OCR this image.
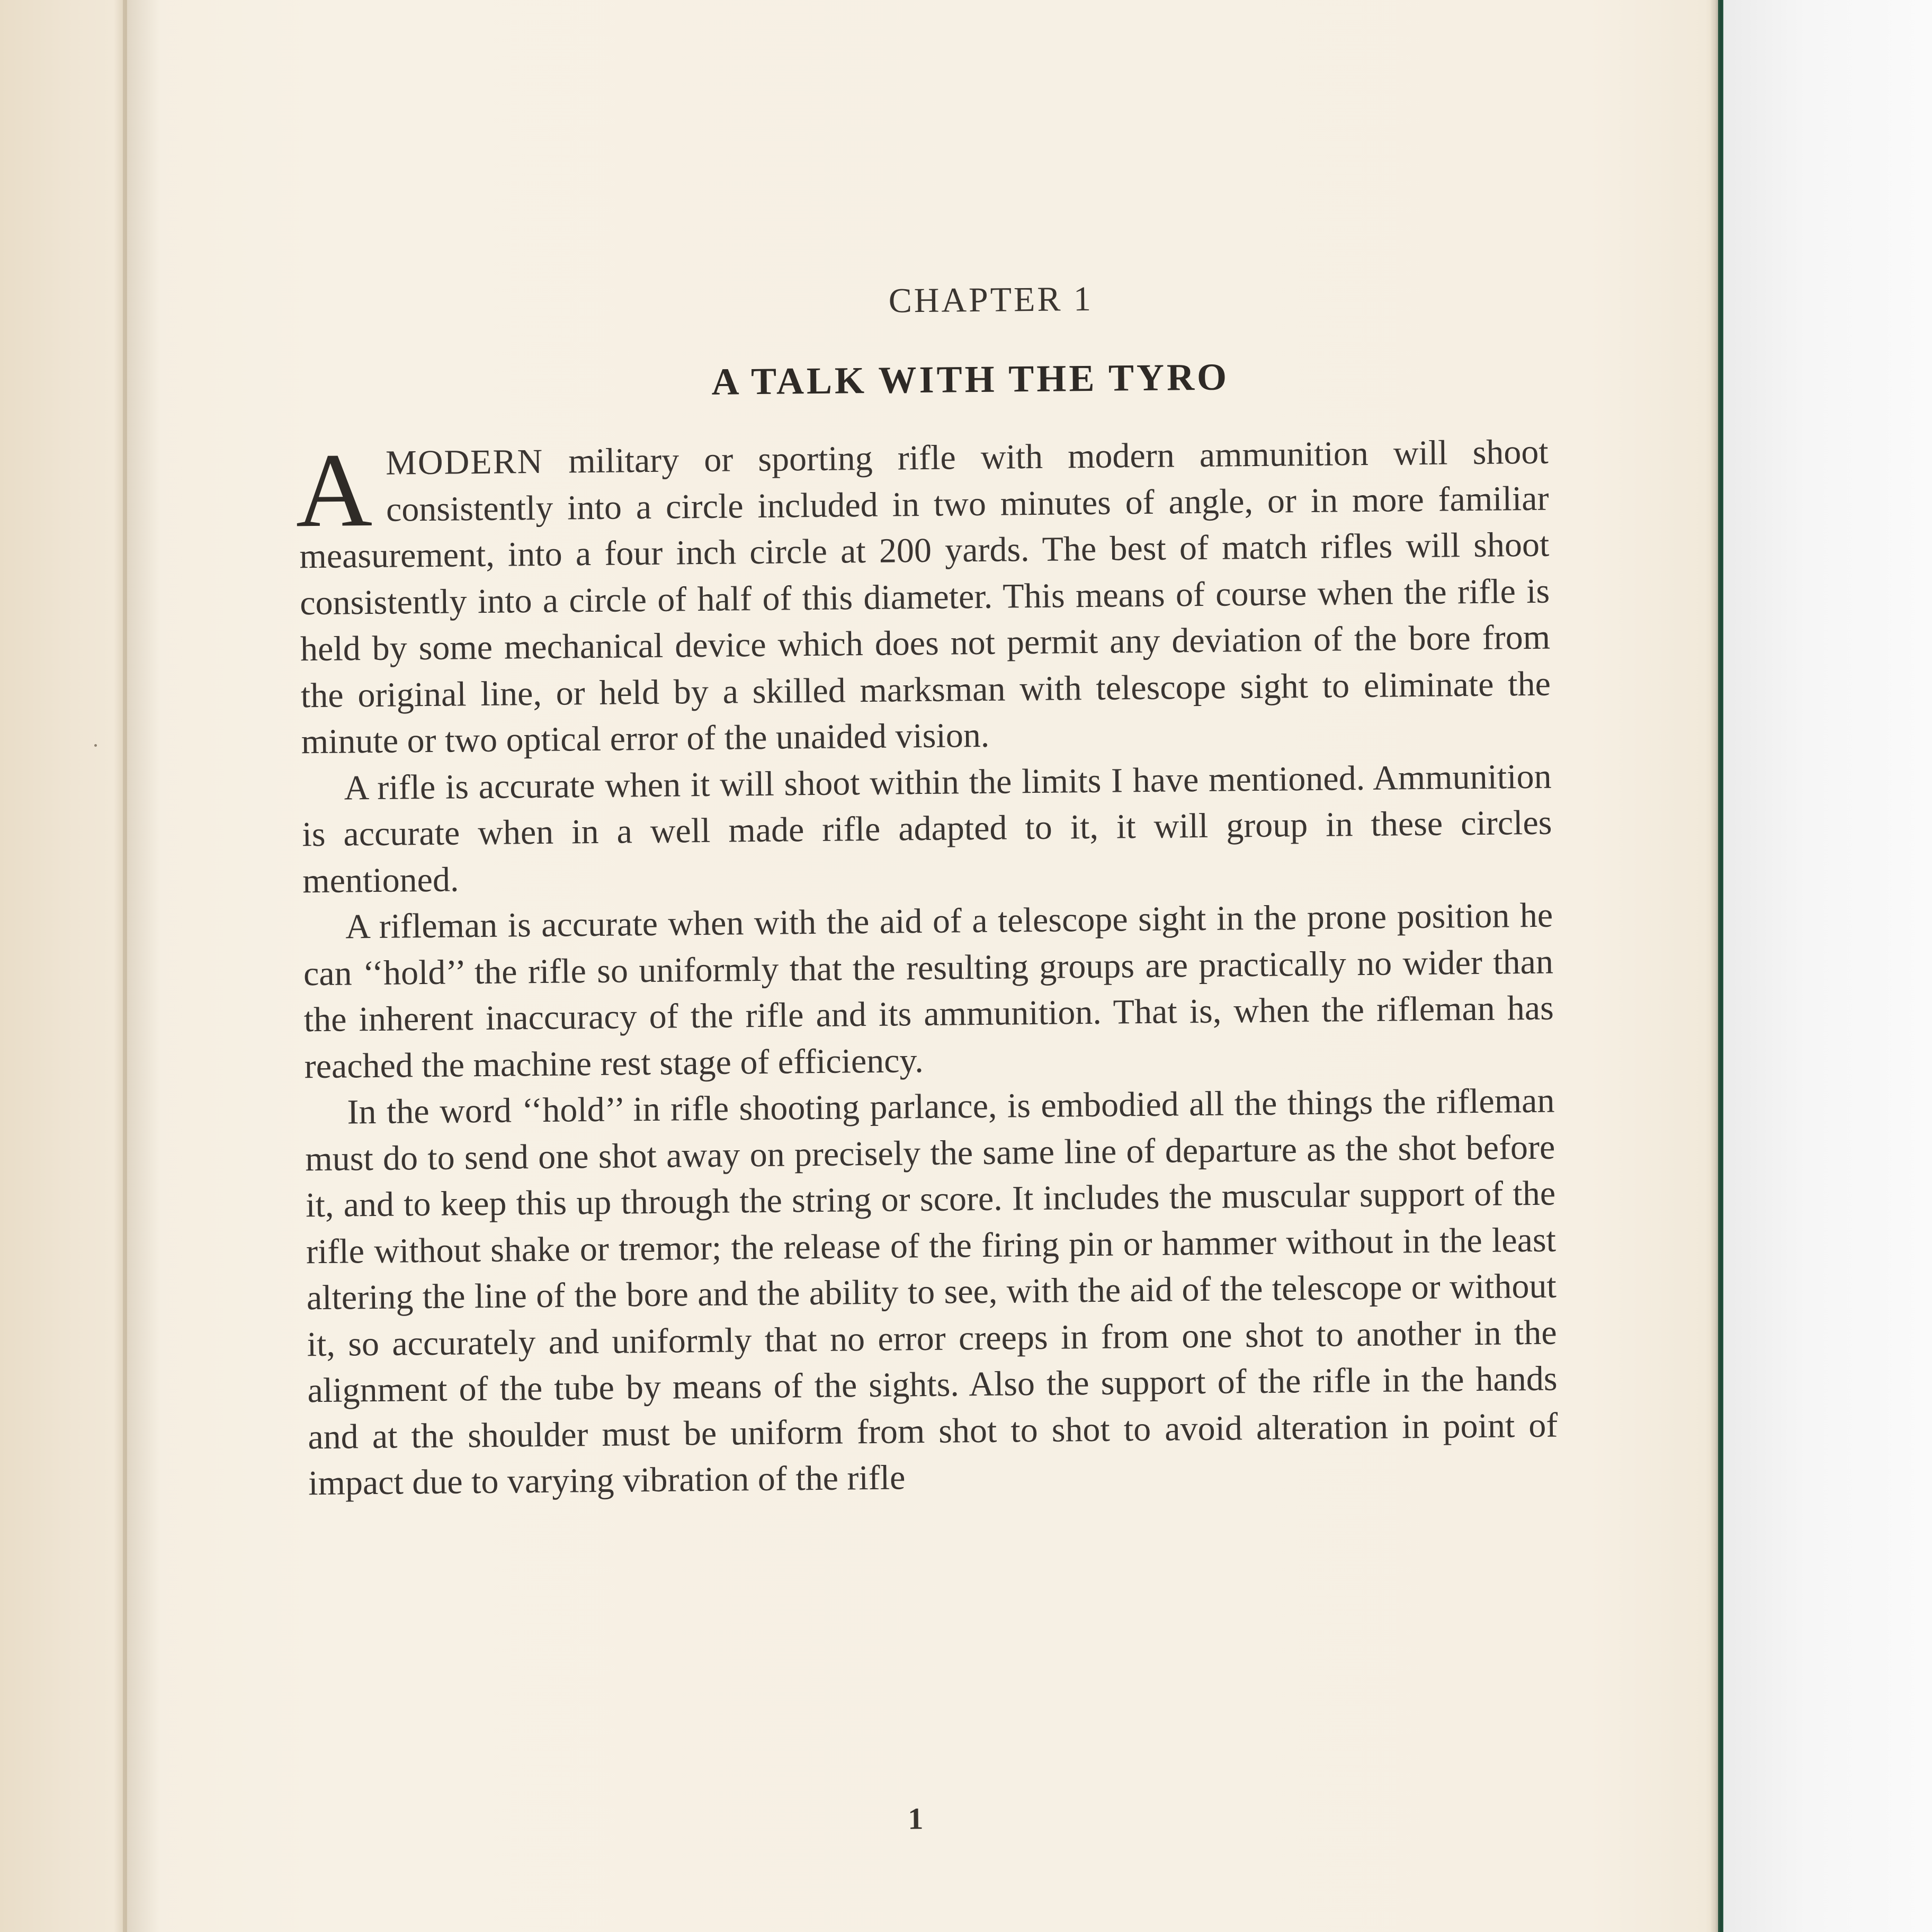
CHAPTER 1
A TALK WITH THE TYRO

AMODERN military or sporting rifle with modern ammunition will shoot consistently into a circle included in two minutes of angle, or in more familiar measurement, into a four inch circle at 200 yards. The best of match rifles will shoot consistently into a circle of half of this diameter. This means of course when the rifle is held by some mechanical device which does not permit any deviation of the bore from the original line, or held by a skilled marksman with telescope sight to eliminate the minute or two optical error of the unaided vision.

A rifle is accurate when it will shoot within the limits I have mentioned. Ammunition is accurate when in a well made rifle adapted to it, it will group in these circles mentioned.

A rifleman is accurate when with the aid of a telescope sight in the prone position he can ‘‘hold’’ the rifle so uniformly that the resulting groups are practically no wider than the inherent inaccuracy of the rifle and its ammunition. That is, when the rifleman has reached the machine rest stage of efficiency.

In the word ‘‘hold’’ in rifle shooting parlance, is embodied all the things the rifleman must do to send one shot away on precisely the same line of departure as the shot before it, and to keep this up through the string or score. It includes the muscular support of the rifle without shake or tremor; the release of the firing pin or hammer without in the least altering the line of the bore and the ability to see, with the aid of the telescope or without it, so accurately and uniformly that no error creeps in from one shot to another in the alignment of the tube by means of the sights. Also the support of the rifle in the hands and at the shoulder must be uniform from shot to shot to avoid alteration in point of impact due to varying vibration of the rifle

1
